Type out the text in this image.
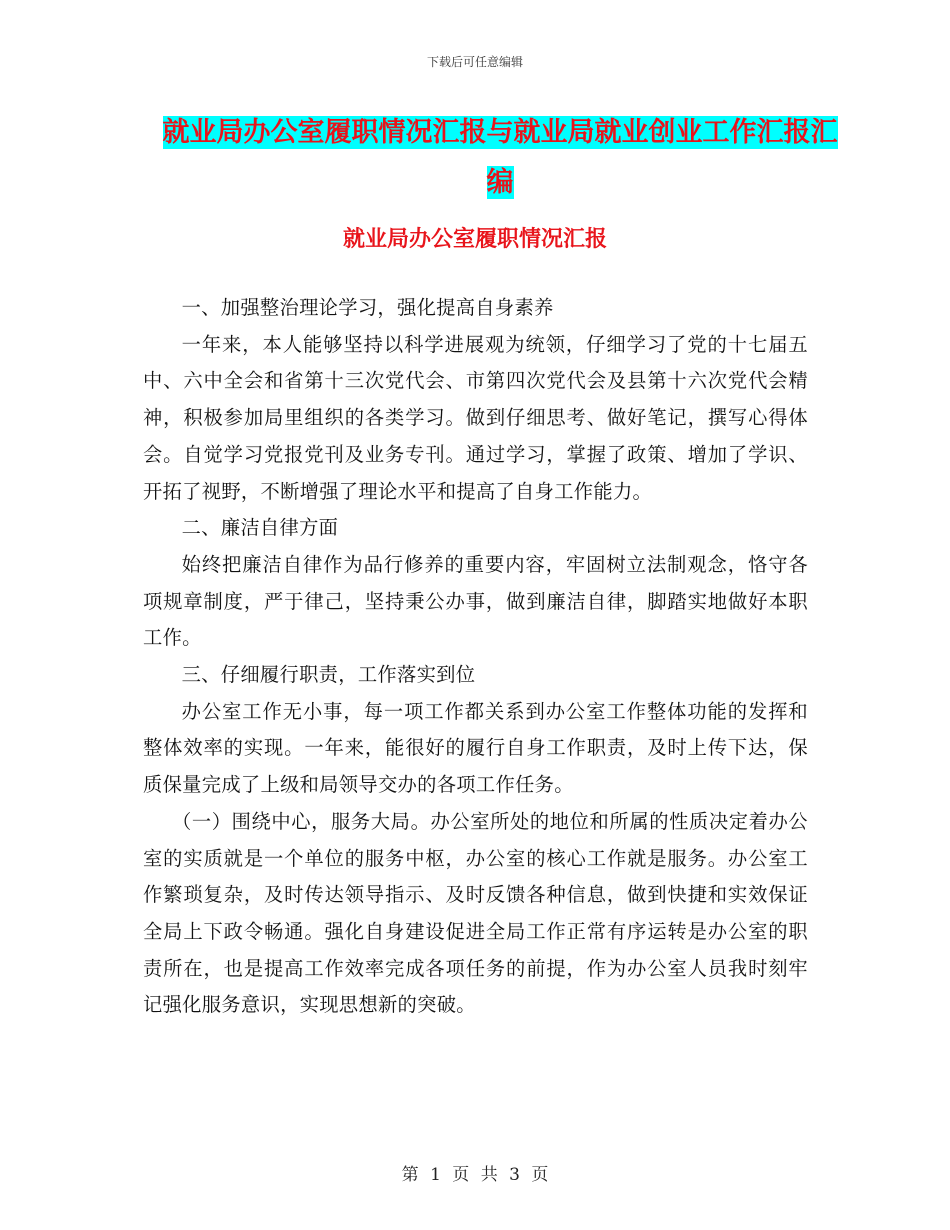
下载后可任意编辑
就业局办公室履职情况汇报与就业局就业创业工作汇报汇编
就业局办公室履职情况汇报

一、加强整治理论学习，强化提高自身素养

一年来，本人能够坚持以科学进展观为统领，仔细学习了党的十七届五中、六中全会和省第十三次党代会、市第四次党代会及县第十六次党代会精神，积极参加局里组织的各类学习。做到仔细思考、做好笔记，撰写心得体会。自觉学习党报党刊及业务专刊。通过学习，掌握了政策、增加了学识、开拓了视野，不断增强了理论水平和提高了自身工作能力。

二、廉洁自律方面

始终把廉洁自律作为品行修养的重要内容，牢固树立法制观念，恪守各项规章制度，严于律己，坚持秉公办事，做到廉洁自律，脚踏实地做好本职工作。

三、仔细履行职责，工作落实到位

办公室工作无小事，每一项工作都关系到办公室工作整体功能的发挥和整体效率的实现。一年来，能很好的履行自身工作职责，及时上传下达，保质保量完成了上级和局领导交办的各项工作任务。

（一）围绕中心，服务大局。办公室所处的地位和所属的性质决定着办公室的实质就是一个单位的服务中枢，办公室的核心工作就是服务。办公室工作繁琐复杂，及时传达领导指示、及时反馈各种信息，做到快捷和实效保证全局上下政令畅通。强化自身建设促进全局工作正常有序运转是办公室的职责所在，也是提高工作效率完成各项任务的前提，作为办公室人员我时刻牢记强化服务意识，实现思想新的突破。

第 1 页 共 3 页
